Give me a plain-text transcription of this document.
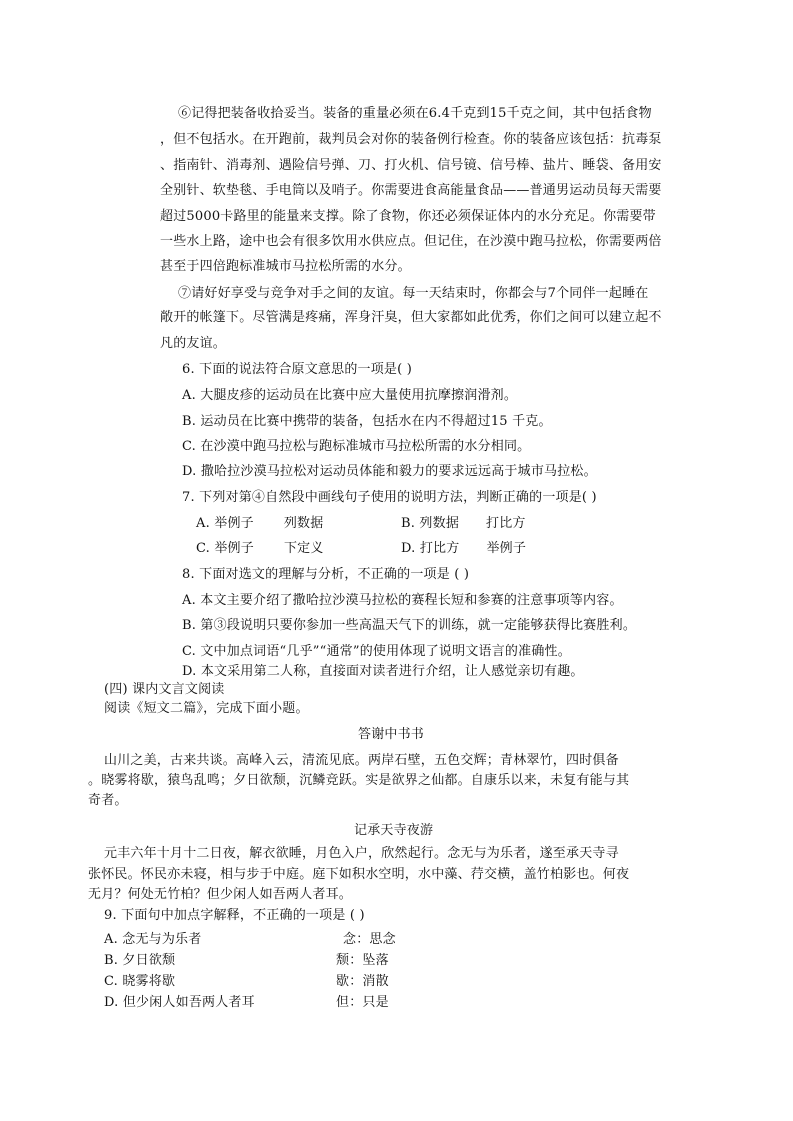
⑥记得把装备收拾妥当。装备的重量必须在6.4千克到15千克之间，其中包括食物
，但不包括水。在开跑前，裁判员会对你的装备例行检查。你的装备应该包括：抗毒泵
、指南针、消毒剂、遇险信号弹、刀、打火机、信号镜、信号棒、盐片、睡袋、备用安
全别针、软垫毯、手电筒以及哨子。你需要进食高能量食品——普通男运动员每天需要
超过5000卡路里的能量来支撑。除了食物，你还必须保证体内的水分充足。你需要带
一些水上路，途中也会有很多饮用水供应点。但记住，在沙漠中跑马拉松，你需要两倍
甚至于四倍跑标准城市马拉松所需的水分。
⑦请好好享受与竞争对手之间的友谊。每一天结束时，你都会与7个同伴一起睡在
敞开的帐篷下。尽管满是疼痛，浑身汗臭，但大家都如此优秀，你们之间可以建立起不
凡的友谊。
6. 下面的说法符合原文意思的一项是( )
A. 大腿皮疹的运动员在比赛中应大量使用抗摩擦润滑剂。
B. 运动员在比赛中携带的装备，包括水在内不得超过15 千克。
C. 在沙漠中跑马拉松与跑标准城市马拉松所需的水分相同。
D. 撒哈拉沙漠马拉松对运动员体能和毅力的要求远远高于城市马拉松。
7. 下列对第④自然段中画线句子使用的说明方法，判断正确的一项是( )
A. 举例子 列数据	B. 列数据 打比方
C. 举例子 下定义	D. 打比方 举例子
8. 下面对选文的理解与分析，不正确的一项是 ( )
A. 本文主要介绍了撒哈拉沙漠马拉松的赛程长短和参赛的注意事项等内容。
B. 第③段说明只要你参加一些高温天气下的训练，就一定能够获得比赛胜利。
C. 文中加点词语“几乎”“通常”的使用体现了说明文语言的准确性。
D. 本文采用第二人称，直接面对读者进行介绍，让人感觉亲切有趣。
(四) 课内文言文阅读
阅读《短文二篇》，完成下面小题。
答谢中书书
山川之美，古来共谈。高峰入云，清流见底。两岸石壁，五色交辉；青林翠竹，四时俱备
。晓雾将歇，猿鸟乱鸣；夕日欲颓，沉鳞竞跃。实是欲界之仙都。自康乐以来，未复有能与其
奇者。
记承天寺夜游
元丰六年十月十二日夜，解衣欲睡，月色入户，欣然起行。念无与为乐者，遂至承天寺寻
张怀民。怀民亦未寝，相与步于中庭。庭下如积水空明，水中藻、荇交横，盖竹柏影也。何夜
无月？何处无竹柏？但少闲人如吾两人者耳。
9. 下面句中加点字解释，不正确的一项是 ( )
A. 念无与为乐者	念：思念
B. 夕日欲颓	颓：坠落
C. 晓雾将歇	歇：消散
D. 但少闲人如吾两人者耳	但：只是
